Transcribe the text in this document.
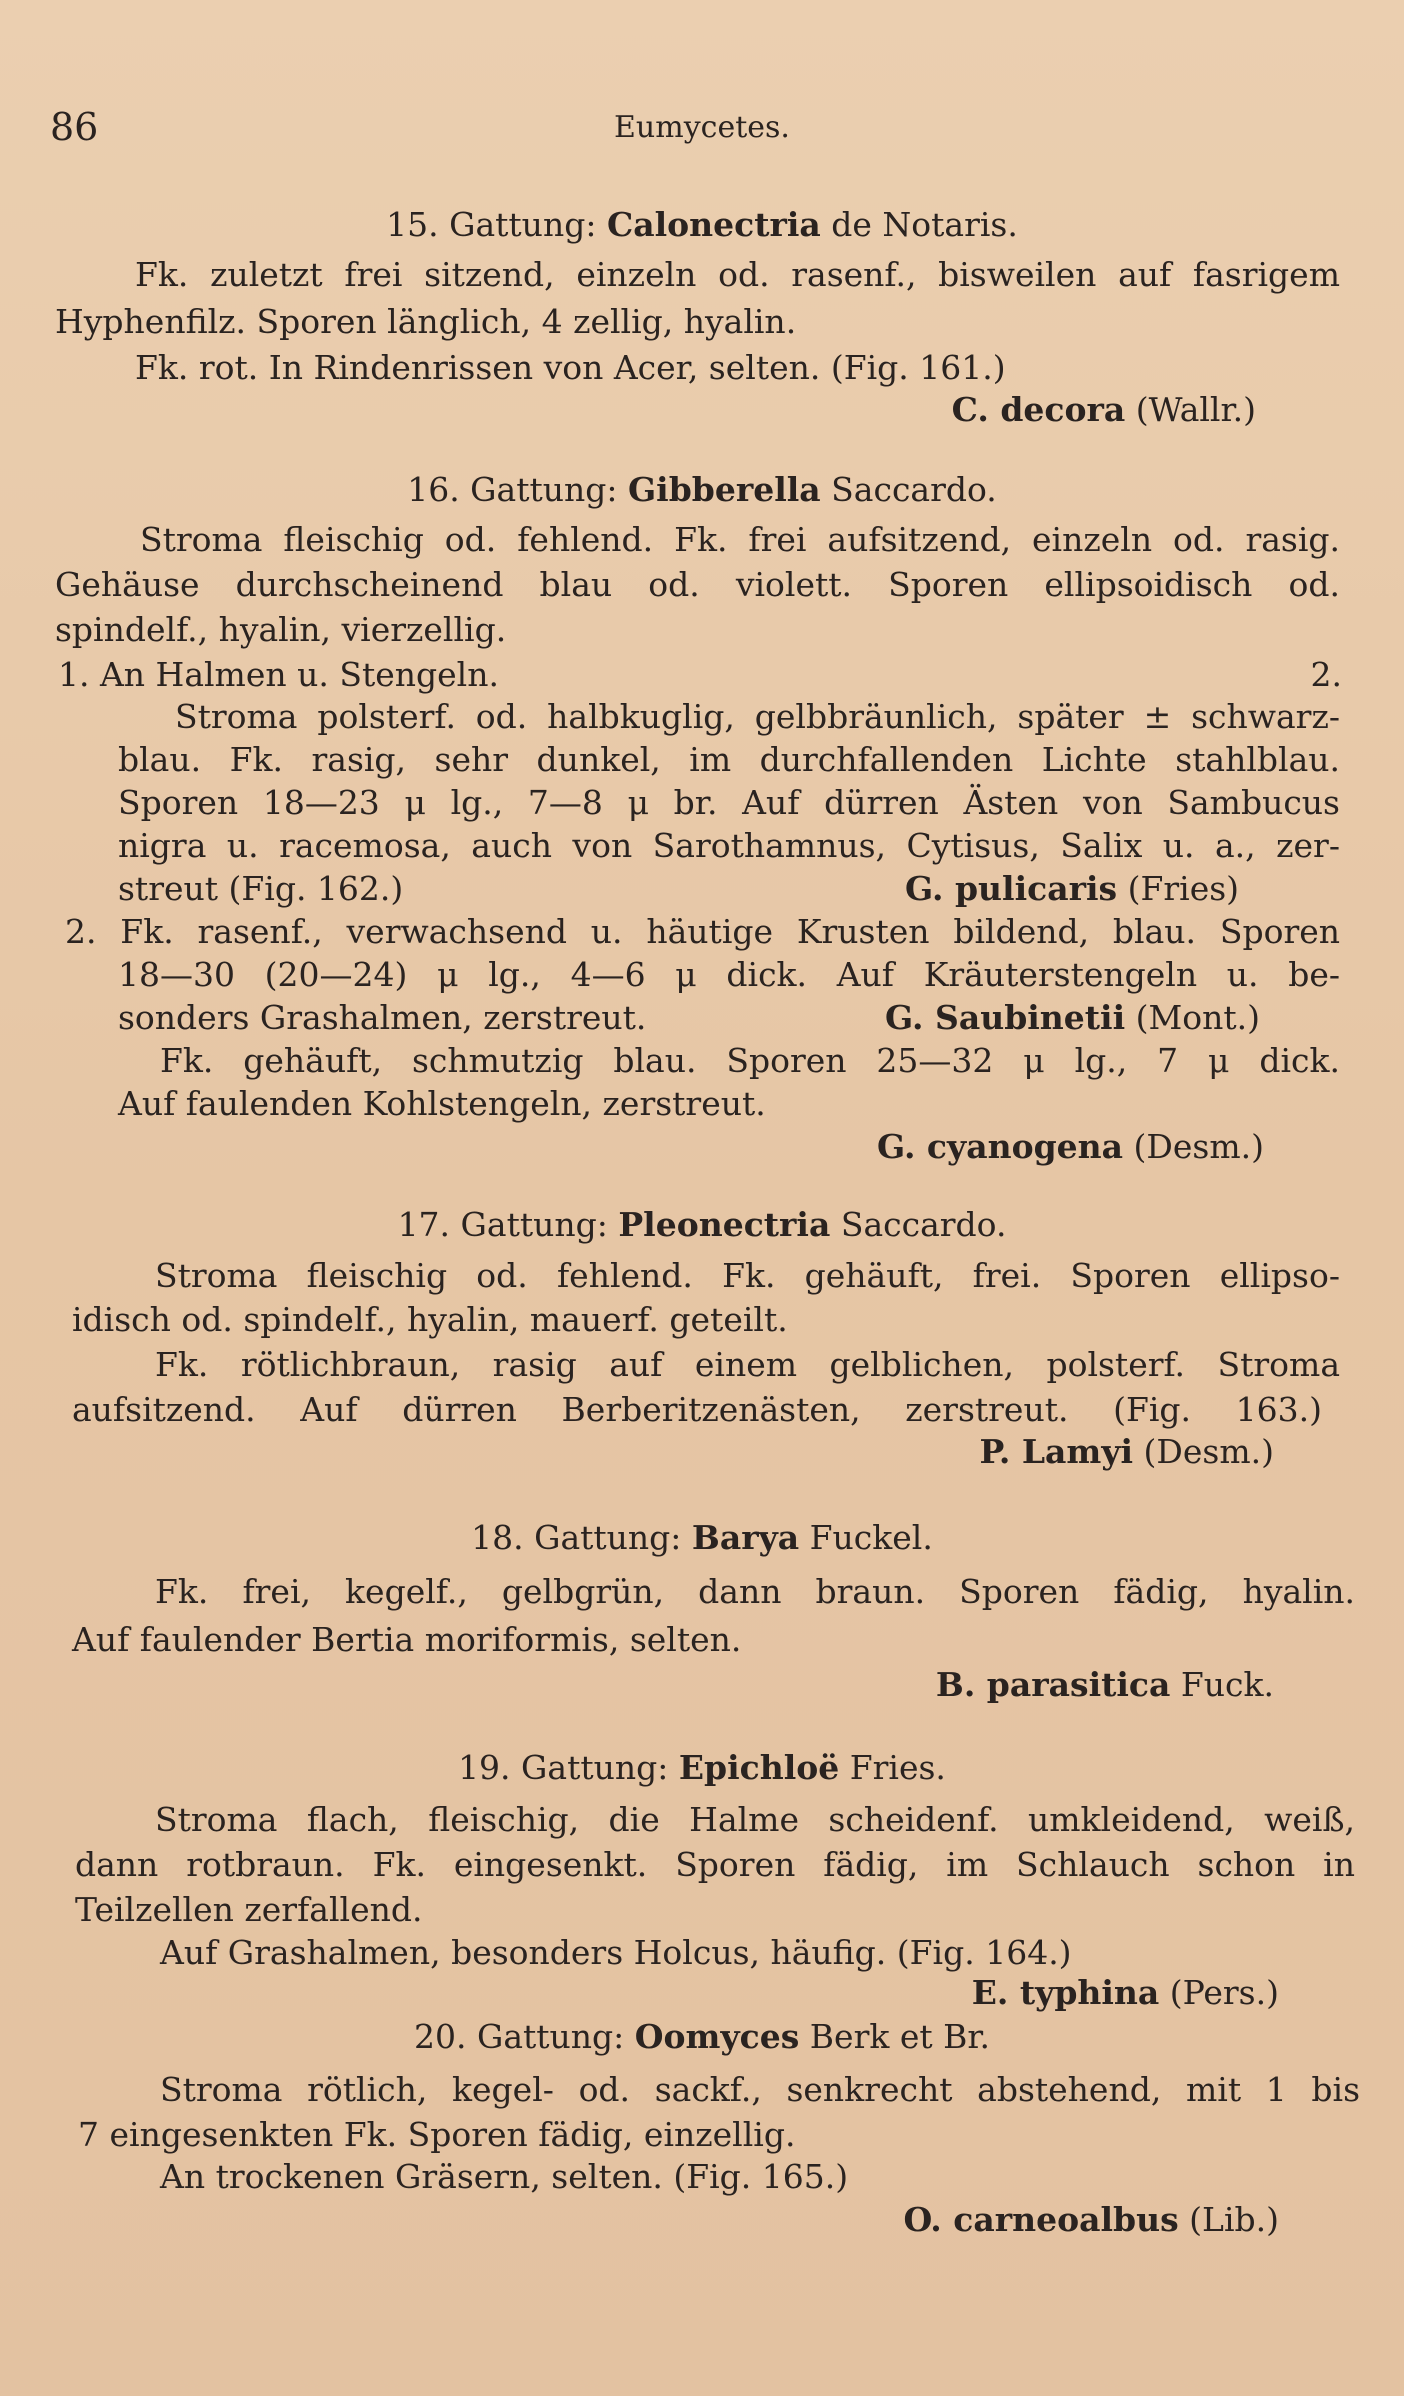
86	Eumycetes.
15. Gattung: Calonectria de Notaris.
Fk. zuletzt frei sitzend, einzeln od. rasenf., bisweilen auf fasrigem
Hyphenfilz. Sporen länglich, 4 zellig, hyalin.
Fk. rot. In Rindenrissen von Acer, selten. (Fig. 161.)
C. decora (Wallr.)
16. Gattung: Gibberella Saccardo.
Stroma fleischig od. fehlend. Fk. frei aufsitzend, einzeln od. rasig.
Gehäuse durchscheinend blau od. violett. Sporen ellipsoidisch od.
spindelf., hyalin, vierzellig.
1. An Halmen u. Stengeln.	2.
Stroma polsterf. od. halbkuglig, gelbbräunlich, später ± schwarz-
blau. Fk. rasig, sehr dunkel, im durchfallenden Lichte stahlblau.
Sporen 18—23 μ lg., 7—8 μ br. Auf dürren Ästen von Sambucus
nigra u. racemosa, auch von Sarothamnus, Cytisus, Salix u. a., zer-
streut (Fig. 162.)	G. pulicaris (Fries)
2. Fk. rasenf., verwachsend u. häutige Krusten bildend, blau. Sporen
18—30 (20—24) μ lg., 4—6 μ dick. Auf Kräuterstengeln u. be-
sonders Grashalmen, zerstreut.	G. Saubinetii (Mont.)
Fk. gehäuft, schmutzig blau. Sporen 25—32 μ lg., 7 μ dick.
Auf faulenden Kohlstengeln, zerstreut.
G. cyanogena (Desm.)
17. Gattung: Pleonectria Saccardo.
Stroma fleischig od. fehlend. Fk. gehäuft, frei. Sporen ellipso-
idisch od. spindelf., hyalin, mauerf. geteilt.
Fk. rötlichbraun, rasig auf einem gelblichen, polsterf. Stroma
aufsitzend. Auf dürren Berberitzenästen, zerstreut. (Fig. 163.)
P. Lamyi (Desm.)
18. Gattung: Barya Fuckel.
Fk. frei, kegelf., gelbgrün, dann braun. Sporen fädig, hyalin.
Auf faulender Bertia moriformis, selten.
B. parasitica Fuck.
19. Gattung: Epichloë Fries.
Stroma flach, fleischig, die Halme scheidenf. umkleidend, weiß,
dann rotbraun. Fk. eingesenkt. Sporen fädig, im Schlauch schon in
Teilzellen zerfallend.
Auf Grashalmen, besonders Holcus, häufig. (Fig. 164.)
E. typhina (Pers.)
20. Gattung: Oomyces Berk et Br.
Stroma rötlich, kegel- od. sackf., senkrecht abstehend, mit 1 bis
7 eingesenkten Fk. Sporen fädig, einzellig.
An trockenen Gräsern, selten. (Fig. 165.)
O. carneoalbus (Lib.)
